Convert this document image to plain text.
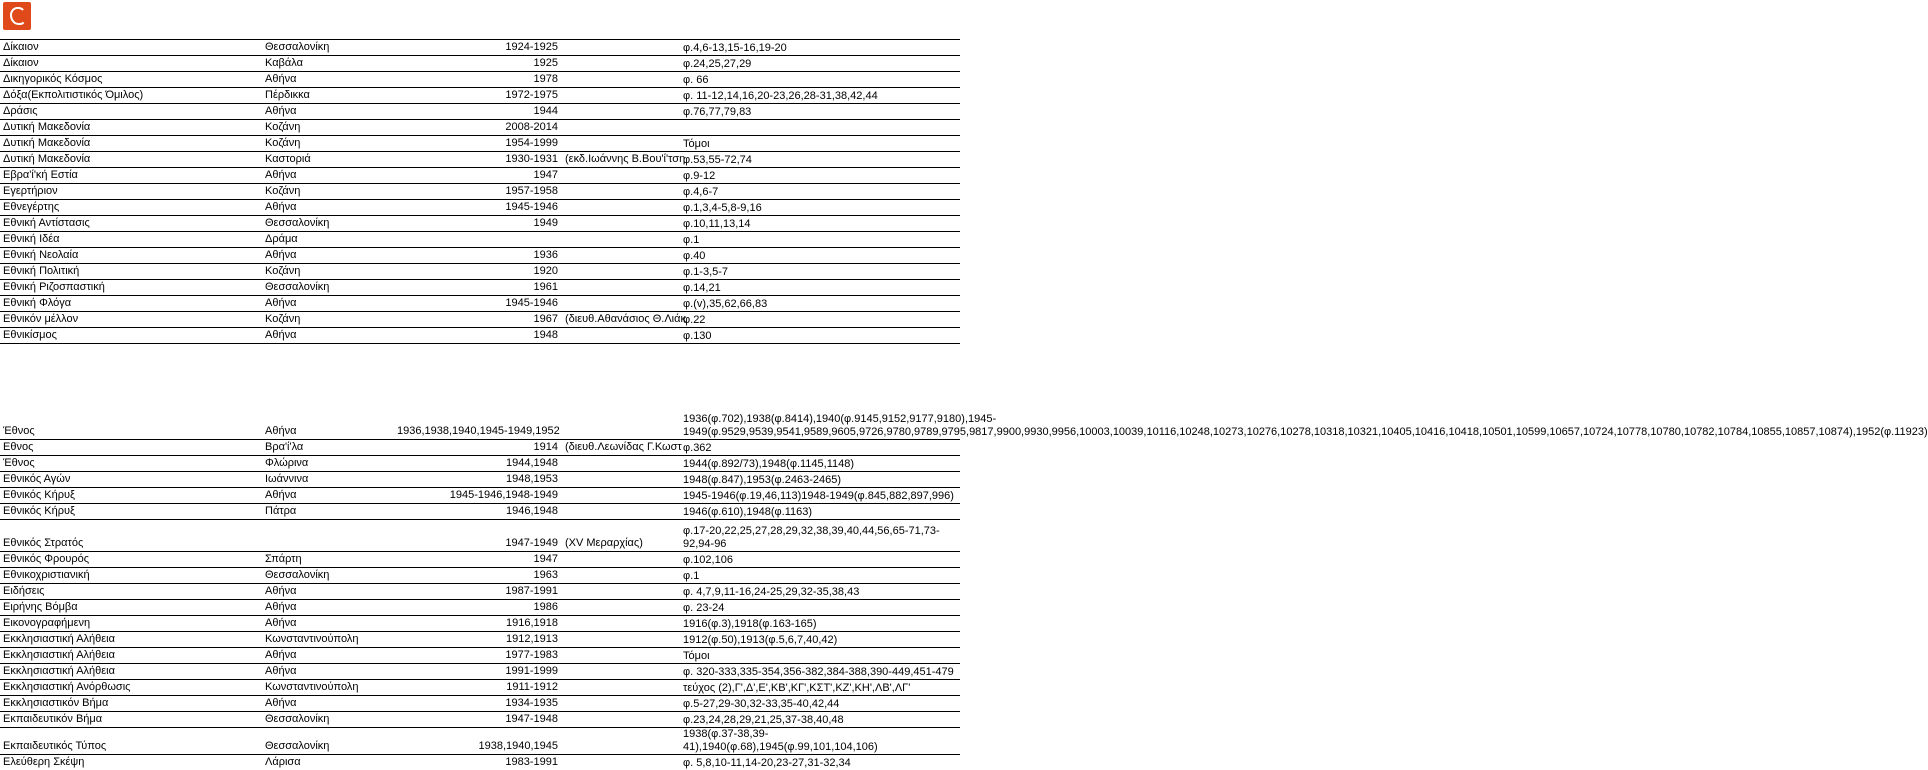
Δίκαιον	Θεσσαλονίκη	1924-1925		φ.4,6-13,15-16,19-20
Δίκαιον	Καβάλα	1925		φ.24,25,27,29
Δικηγορικός Κόσμος	Αθήνα	1978		φ. 66
Δόξα(Εκπολιτιστικός Όμιλος)	Πέρδικκα	1972-1975		φ. 11-12,14,16,20-23,26,28-31,38,42,44
Δράσις	Αθήνα	1944		φ.76,77,79,83
Δυτική Μακεδονία	Κοζάνη	2008-2014		
Δυτική Μακεδονία	Κοζάνη	1954-1999		Τόμοι
Δυτική Μακεδονία	Καστοριά	1930-1931	(εκδ.Ιωάννης Β.Βου'ί'τση	φ.53,55-72,74
Εβρα'ί'κή Εστία	Αθήνα	1947		φ.9-12
Εγερτήριον	Κοζάνη	1957-1958		φ.4,6-7
Εθνεγέρτης	Αθήνα	1945-1946		φ.1,3,4-5,8-9,16
Εθνική Αντίστασις	Θεσσαλονίκη	1949		φ.10,11,13,14
Εθνική Ιδέα	Δράμα			φ.1
Εθνική Νεολαία	Αθήνα	1936		φ.40
Εθνική Πολιτική	Κοζάνη	1920		φ.1-3,5-7
Εθνική Ριζοσπαστική	Θεσσαλονίκη	1961		φ.14,21
Εθνική Φλόγα	Αθήνα	1945-1946		φ.(v),35,62,66,83
Εθνικόν μέλλον	Κοζάνη	1967	(διευθ.Αθανάσιος Θ.Λιάκ	φ.22
Εθνικίσμος	Αθήνα	1948		φ.130
Έθνος	Αθήνα	1936,1938,1940,1945-1949,1952		1936(φ.702),1938(φ.8414),1940(φ.9145,9152,9177,9180),1945-1949(φ.9529,9539,9541,9589,9605,9726,9780,9789,9795,9817,9900,9930,9956,10003,10039,10116,10248,10273,10276,10278,10318,10321,10405,10416,10418,10501,10599,10657,10724,10778,10780,10782,10784,10855,10857,10874),1952(φ.11923)
Εθνος	Βρα'ί'λα	1914	(διευθ.Λεωνίδας Γ.Κωστ	φ.362
Έθνος	Φλώρινα	1944,1948		1944(φ.892/73),1948(φ.1145,1148)
Εθνικός Αγών	Ιωάννινα	1948,1953		1948(φ.847),1953(φ.2463-2465)
Εθνικός Κήρυξ	Αθήνα	1945-1946,1948-1949		1945-1946(φ.19,46,113)1948-1949(φ.845,882,897,996)
Εθνικός Κήρυξ	Πάτρα	1946,1948		1946(φ.610),1948(φ.1163)
Εθνικός Στρατός		1947-1949	(XV Μεραρχίας)	φ.17-20,22,25,27,28,29,32,38,39,40,44,56,65-71,73-92,94-96
Εθνικός Φρουρός	Σπάρτη	1947		φ.102,106
Εθνικοχριστιανική	Θεσσαλονίκη	1963		φ.1
Ειδήσεις	Αθήνα	1987-1991		φ. 4,7,9,11-16,24-25,29,32-35,38,43
Ειρήνης Βόμβα	Αθήνα	1986		φ. 23-24
Εικονογραφήμενη	Αθήνα	1916,1918		1916(φ.3),1918(φ.163-165)
Εκκλησιαστική Αλήθεια	Κωνσταντινούπολη	1912,1913		1912(φ.50),1913(φ.5,6,7,40,42)
Εκκλησιαστική Αλήθεια	Αθήνα	1977-1983		Τόμοι
Εκκλησιαστική Αλήθεια	Αθήνα	1991-1999		φ. 320-333,335-354,356-382,384-388,390-449,451-479
Εκκλησιαστική Ανόρθωσις	Κωνσταντινούπολη	1911-1912		τεύχος (2),Γ',Δ',Ε',ΚΒ',ΚΓ',ΚΣΤ',ΚΖ',ΚΗ',ΛΒ',ΛΓ'
Εκκλησιαστικόν Βήμα	Αθήνα	1934-1935		φ.5-27,29-30,32-33,35-40,42,44
Εκπαιδευτικόν Βήμα	Θεσσαλονίκη	1947-1948		φ.23,24,28,29,21,25,37-38,40,48
Εκπαιδευτικός Τύπος	Θεσσαλονίκη	1938,1940,1945		1938(φ.37-38,39-41),1940(φ.68),1945(φ.99,101,104,106)
Ελεύθερη Σκέψη	Λάρισα	1983-1991		φ. 5,8,10-11,14-20,23-27,31-32,34
